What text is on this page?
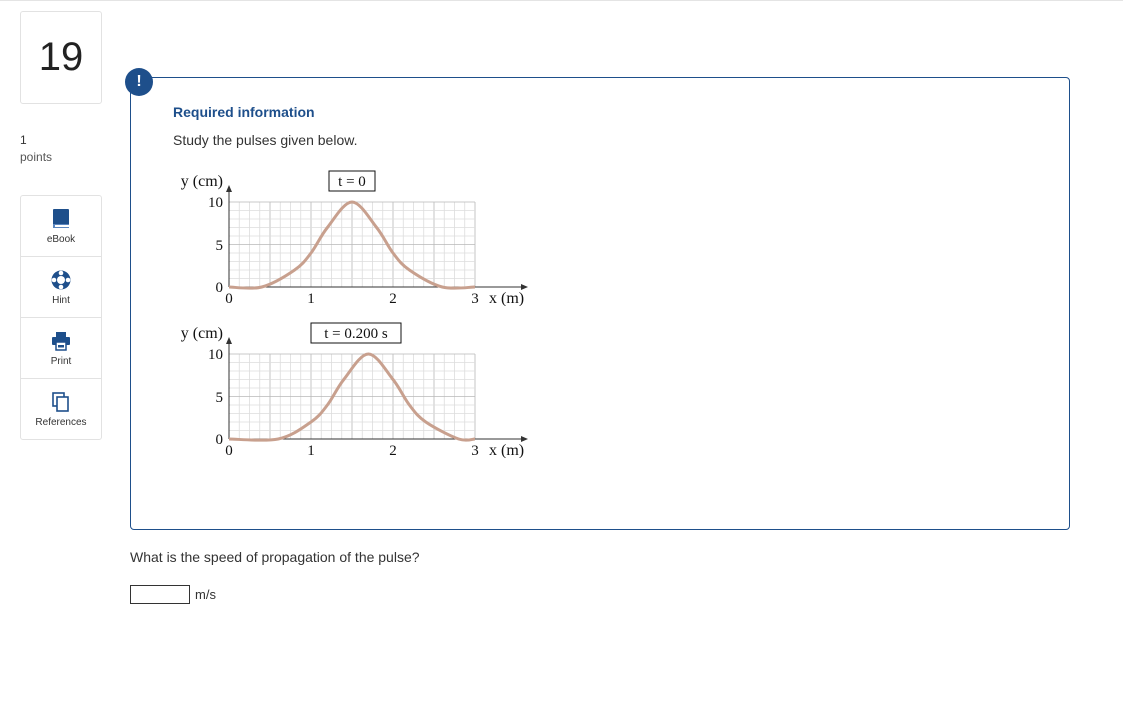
19
1
points
eBook
Hint
Print
References
!
Required information
Study the pulses given below.
y (cm)
10
5
0
0	1	2	3 x (m)
t = 0
y (cm)
10
5
0
0	1	2	3 x (m)
t = 0.200 s
What is the speed of propagation of the pulse?
m/s
